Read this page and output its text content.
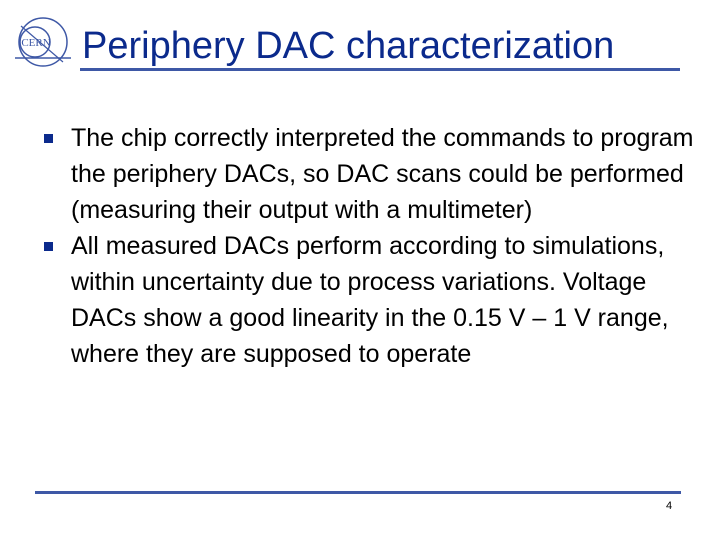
CERN Periphery DAC characterization
The chip correctly interpreted the commands to program the periphery DACs, so DAC scans could be performed (measuring their output with a multimeter)
All measured DACs perform according to simulations, within uncertainty due to process variations. Voltage DACs show a good linearity in the 0.15 V – 1 V range, where they are supposed to operate
4
